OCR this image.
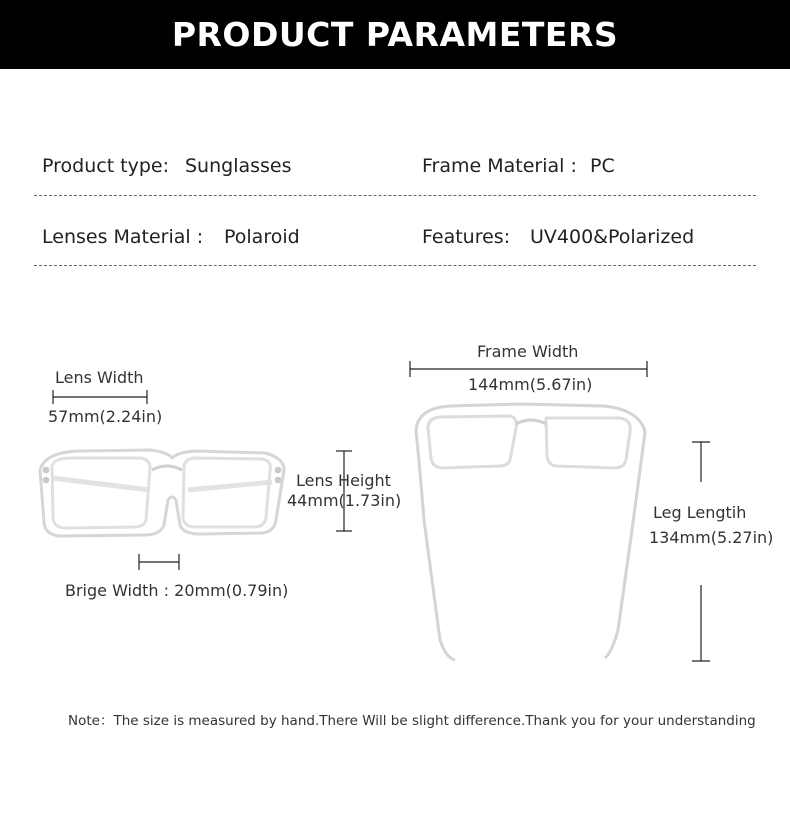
PRODUCT PARAMETERS
Product type: Sunglasses	Frame Material : PC
Lenses Material : Polaroid	Features: UV400&Polarized
Lens Width
57mm(2.24in)
Lens Height
44mm(1.73in)
Brige Width : 20mm(0.79in)
Frame Width
144mm(5.67in)
Leg Lengtih
134mm(5.27in)
Note：The size is measured by hand.There Will be slight difference.Thank you for your understanding
